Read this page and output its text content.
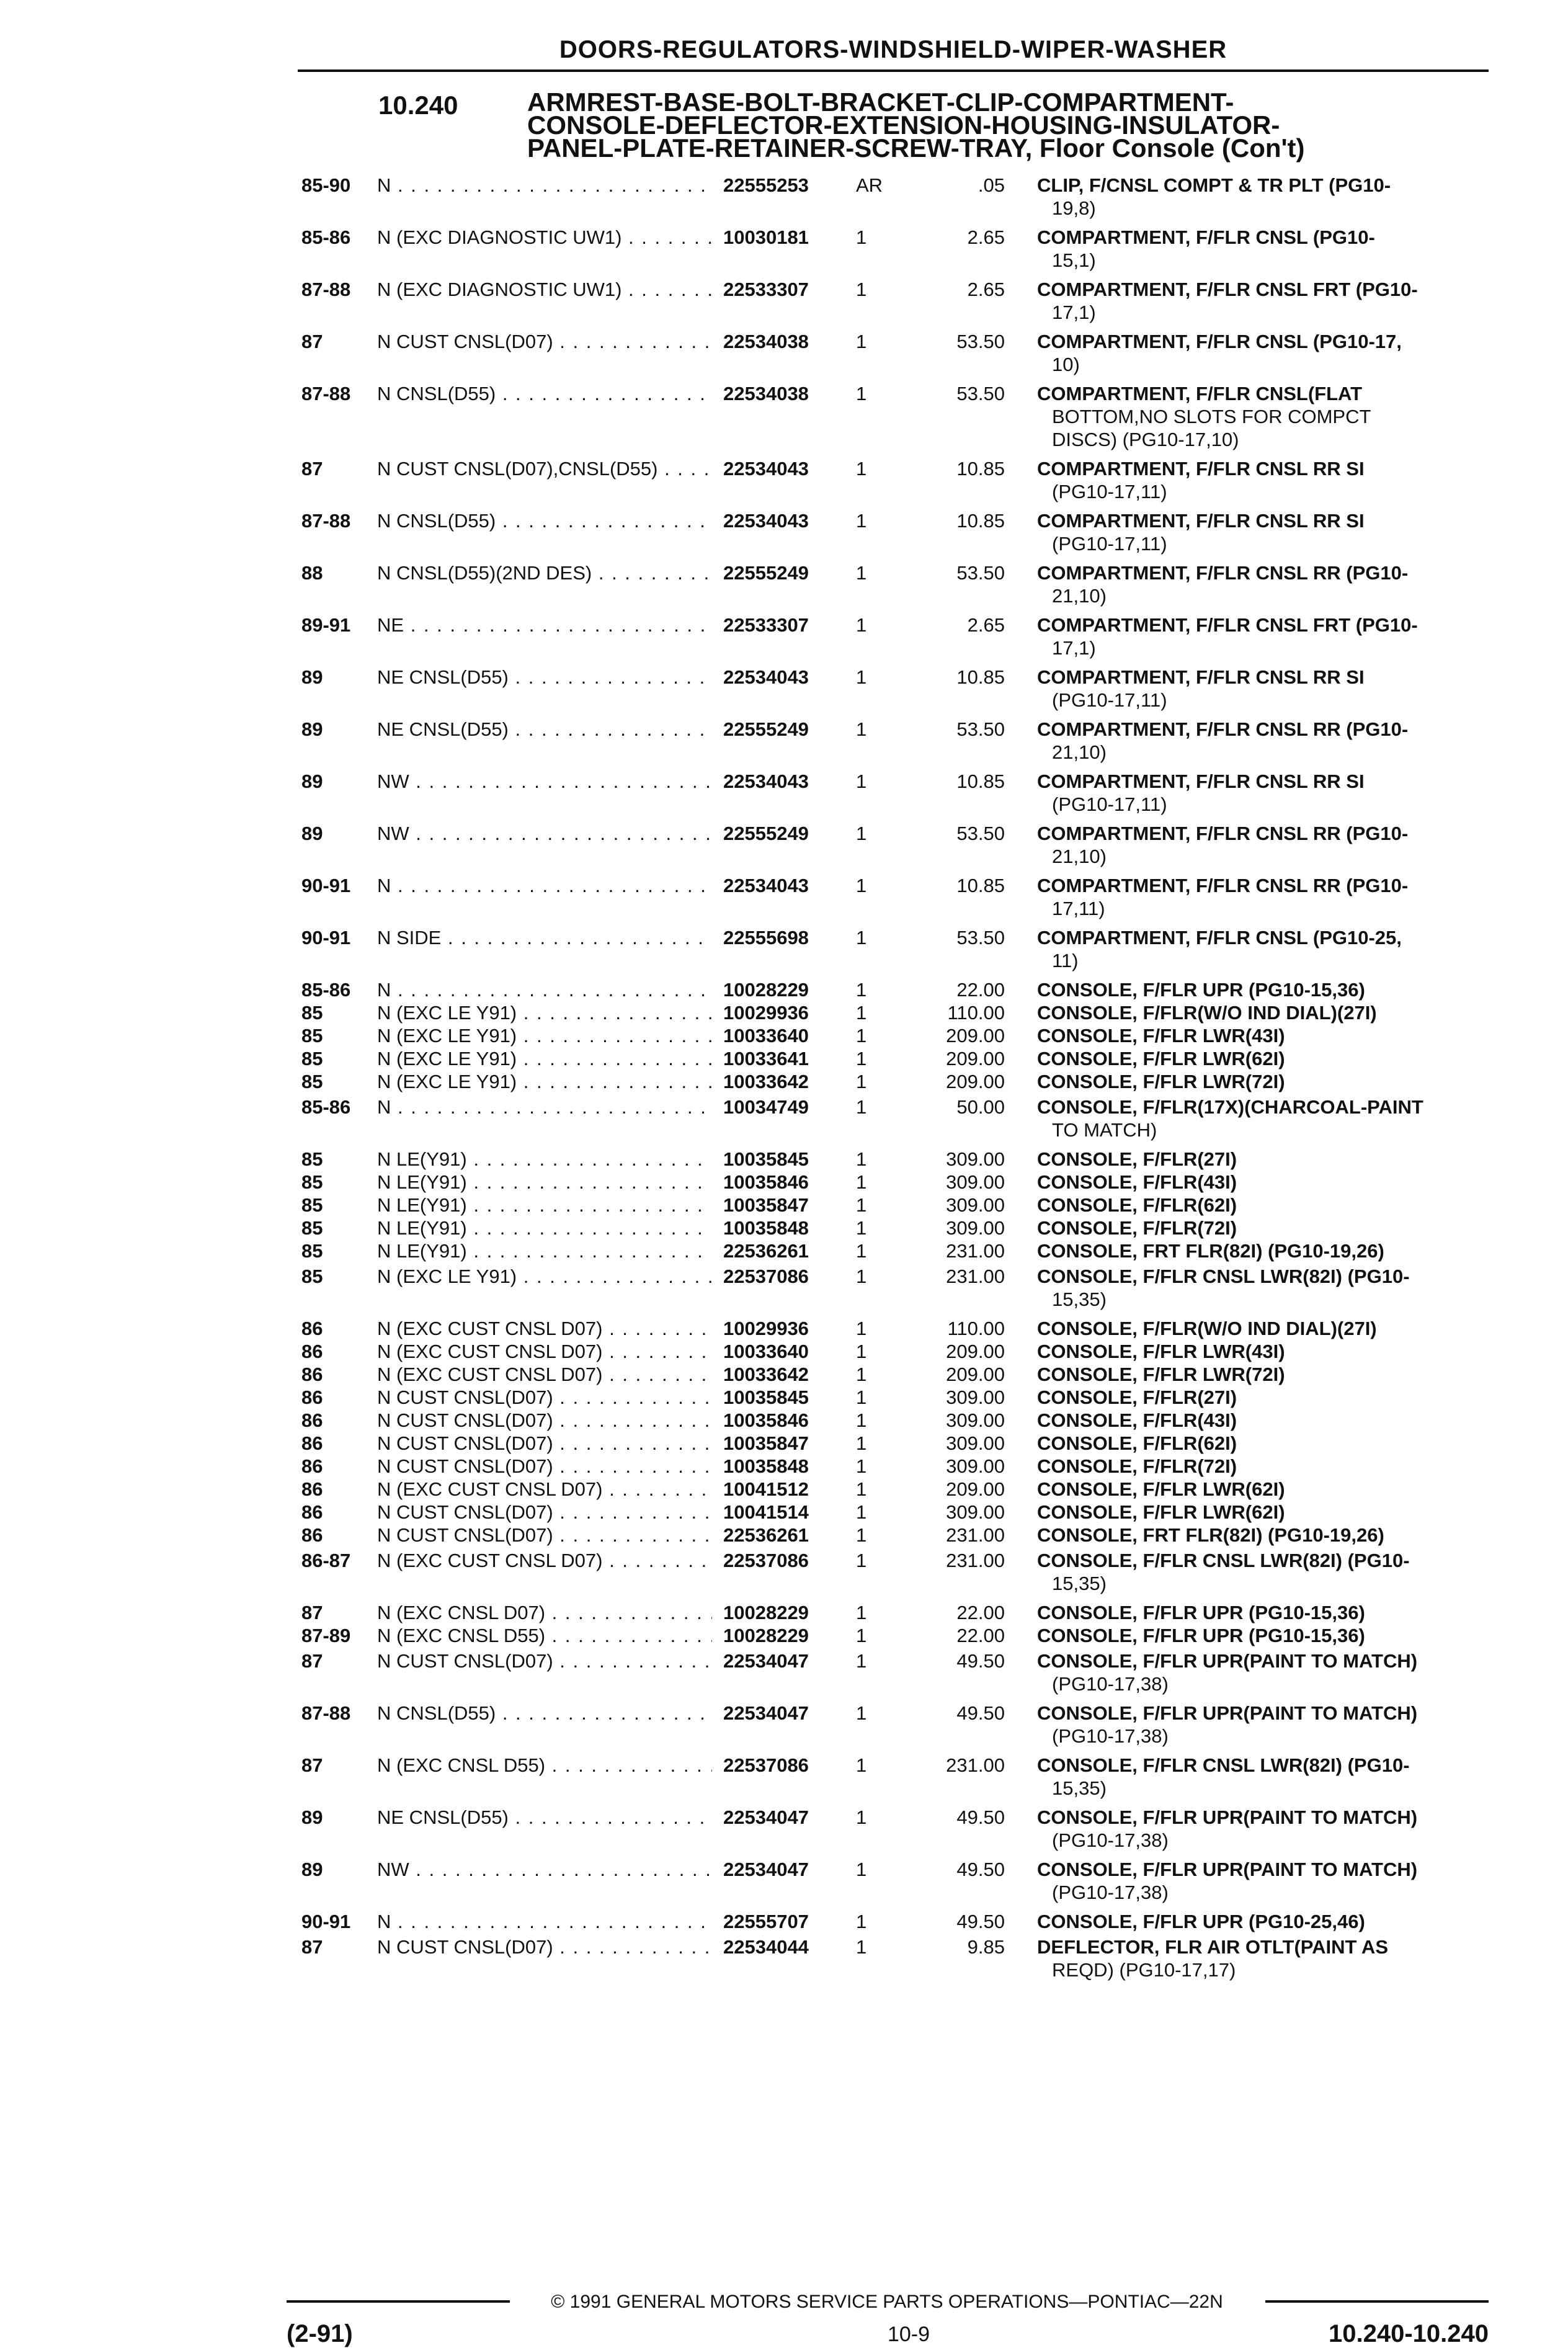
DOORS-REGULATORS-WINDSHIELD-WIPER-WASHER
10.240	ARMREST-BASE-BOLT-BRACKET-CLIP-COMPARTMENT-
CONSOLE-DEFLECTOR-EXTENSION-HOUSING-INSULATOR-
PANEL-PLATE-RETAINER-SCREW-TRAY, Floor Console (Con't)
85-90 N . . .	22555253 AR	.05 CLIP, F/CNSL COMPT & TR PLT (PG10-
19,8)
85-86 N (EXC DIAGNOSTIC UW1) . . .	10030181 1	2.65 COMPARTMENT, F/FLR CNSL (PG10-
15,1)
87-88 N (EXC DIAGNOSTIC UW1) . . .	22533307 1	2.65 COMPARTMENT, F/FLR CNSL FRT (PG10-
17,1)
87	N CUST CNSL(D07) . . .	22534038 1	53.50 COMPARTMENT, F/FLR CNSL (PG10-17,
10)
87-88 N CNSL(D55) . . .	22534038 1	53.50 COMPARTMENT, F/FLR CNSL(FLAT
BOTTOM,NO SLOTS FOR COMPCT
DISCS) (PG10-17,10)
87	N CUST CNSL(D07),CNSL(D55) . . .	22534043 1	10.85 COMPARTMENT, F/FLR CNSL RR SI
(PG10-17,11)
87-88 N CNSL(D55) . . .	22534043 1	10.85 COMPARTMENT, F/FLR CNSL RR SI
(PG10-17,11)
88	N CNSL(D55)(2ND DES) . . .	22555249 1	53.50 COMPARTMENT, F/FLR CNSL RR (PG10-
21,10)
89-91 NE . . .	22533307 1	2.65 COMPARTMENT, F/FLR CNSL FRT (PG10-
17,1)
89	NE CNSL(D55) . . .	22534043 1	10.85 COMPARTMENT, F/FLR CNSL RR SI
(PG10-17,11)
89	NE CNSL(D55) . . .	22555249 1	53.50 COMPARTMENT, F/FLR CNSL RR (PG10-
21,10)
89	NW . . .	22534043 1	10.85 COMPARTMENT, F/FLR CNSL RR SI
(PG10-17,11)
89	NW . . .	22555249 1	53.50 COMPARTMENT, F/FLR CNSL RR (PG10-
21,10)
90-91 N . . .	22534043 1	10.85 COMPARTMENT, F/FLR CNSL RR (PG10-
17,11)
90-91 N SIDE . . .	22555698 1	53.50 COMPARTMENT, F/FLR CNSL (PG10-25,
11)
85-86 N . . .	10028229 1	22.00 CONSOLE, F/FLR UPR (PG10-15,36)
85	N (EXC LE Y91) . . .	10029936 1	110.00 CONSOLE, F/FLR(W/O IND DIAL)(27I)
85	N (EXC LE Y91) . . .	10033640 1	209.00 CONSOLE, F/FLR LWR(43I)
85	N (EXC LE Y91) . . .	10033641 1	209.00 CONSOLE, F/FLR LWR(62I)
85	N (EXC LE Y91) . . .	10033642 1	209.00 CONSOLE, F/FLR LWR(72I)
85-86 N . . .	10034749 1	50.00 CONSOLE, F/FLR(17X)(CHARCOAL-PAINT
TO MATCH)
85	N LE(Y91) . . .	10035845 1	309.00 CONSOLE, F/FLR(27I)
85	N LE(Y91) . . .	10035846 1	309.00 CONSOLE, F/FLR(43I)
85	N LE(Y91) . . .	10035847 1	309.00 CONSOLE, F/FLR(62I)
85	N LE(Y91) . . .	10035848 1	309.00 CONSOLE, F/FLR(72I)
85	N LE(Y91) . . .	22536261 1	231.00 CONSOLE, FRT FLR(82I) (PG10-19,26)
85	N (EXC LE Y91) . . .	22537086 1	231.00 CONSOLE, F/FLR CNSL LWR(82I) (PG10-
15,35)
86	N (EXC CUST CNSL D07) . . .	10029936 1	110.00 CONSOLE, F/FLR(W/O IND DIAL)(27I)
86	N (EXC CUST CNSL D07) . . .	10033640 1	209.00 CONSOLE, F/FLR LWR(43I)
86	N (EXC CUST CNSL D07) . . .	10033642 1	209.00 CONSOLE, F/FLR LWR(72I)
86	N CUST CNSL(D07) . . .	10035845 1	309.00 CONSOLE, F/FLR(27I)
86	N CUST CNSL(D07) . . .	10035846 1	309.00 CONSOLE, F/FLR(43I)
86	N CUST CNSL(D07) . . .	10035847 1	309.00 CONSOLE, F/FLR(62I)
86	N CUST CNSL(D07) . . .	10035848 1	309.00 CONSOLE, F/FLR(72I)
86	N (EXC CUST CNSL D07) . . .	10041512 1	209.00 CONSOLE, F/FLR LWR(62I)
86	N CUST CNSL(D07) . . .	10041514 1	309.00 CONSOLE, F/FLR LWR(62I)
86	N CUST CNSL(D07) . . .	22536261 1	231.00 CONSOLE, FRT FLR(82I) (PG10-19,26)
86-87 N (EXC CUST CNSL D07) . . .	22537086 1	231.00 CONSOLE, F/FLR CNSL LWR(82I) (PG10-
15,35)
87	N (EXC CNSL D07) . . .	10028229 1	22.00 CONSOLE, F/FLR UPR (PG10-15,36)
87-89 N (EXC CNSL D55) . . .	10028229 1	22.00 CONSOLE, F/FLR UPR (PG10-15,36)
87	N CUST CNSL(D07) . . .	22534047 1	49.50 CONSOLE, F/FLR UPR(PAINT TO MATCH)
(PG10-17,38)
87-88 N CNSL(D55) . . .	22534047 1	49.50 CONSOLE, F/FLR UPR(PAINT TO MATCH)
(PG10-17,38)
87	N (EXC CNSL D55) . . .	22537086 1	231.00 CONSOLE, F/FLR CNSL LWR(82I) (PG10-
15,35)
89	NE CNSL(D55) . . .	22534047 1	49.50 CONSOLE, F/FLR UPR(PAINT TO MATCH)
(PG10-17,38)
89	NW . . .	22534047 1	49.50 CONSOLE, F/FLR UPR(PAINT TO MATCH)
(PG10-17,38)
90-91 N . . .	22555707 1	49.50 CONSOLE, F/FLR UPR (PG10-25,46)
87	N CUST CNSL(D07) . . .	22534044 1	9.85 DEFLECTOR, FLR AIR OTLT(PAINT AS
REQD) (PG10-17,17)
© 1991 GENERAL MOTORS SERVICE PARTS OPERATIONS—PONTIAC—22N
(2-91)	10-9	10.240-10.240
